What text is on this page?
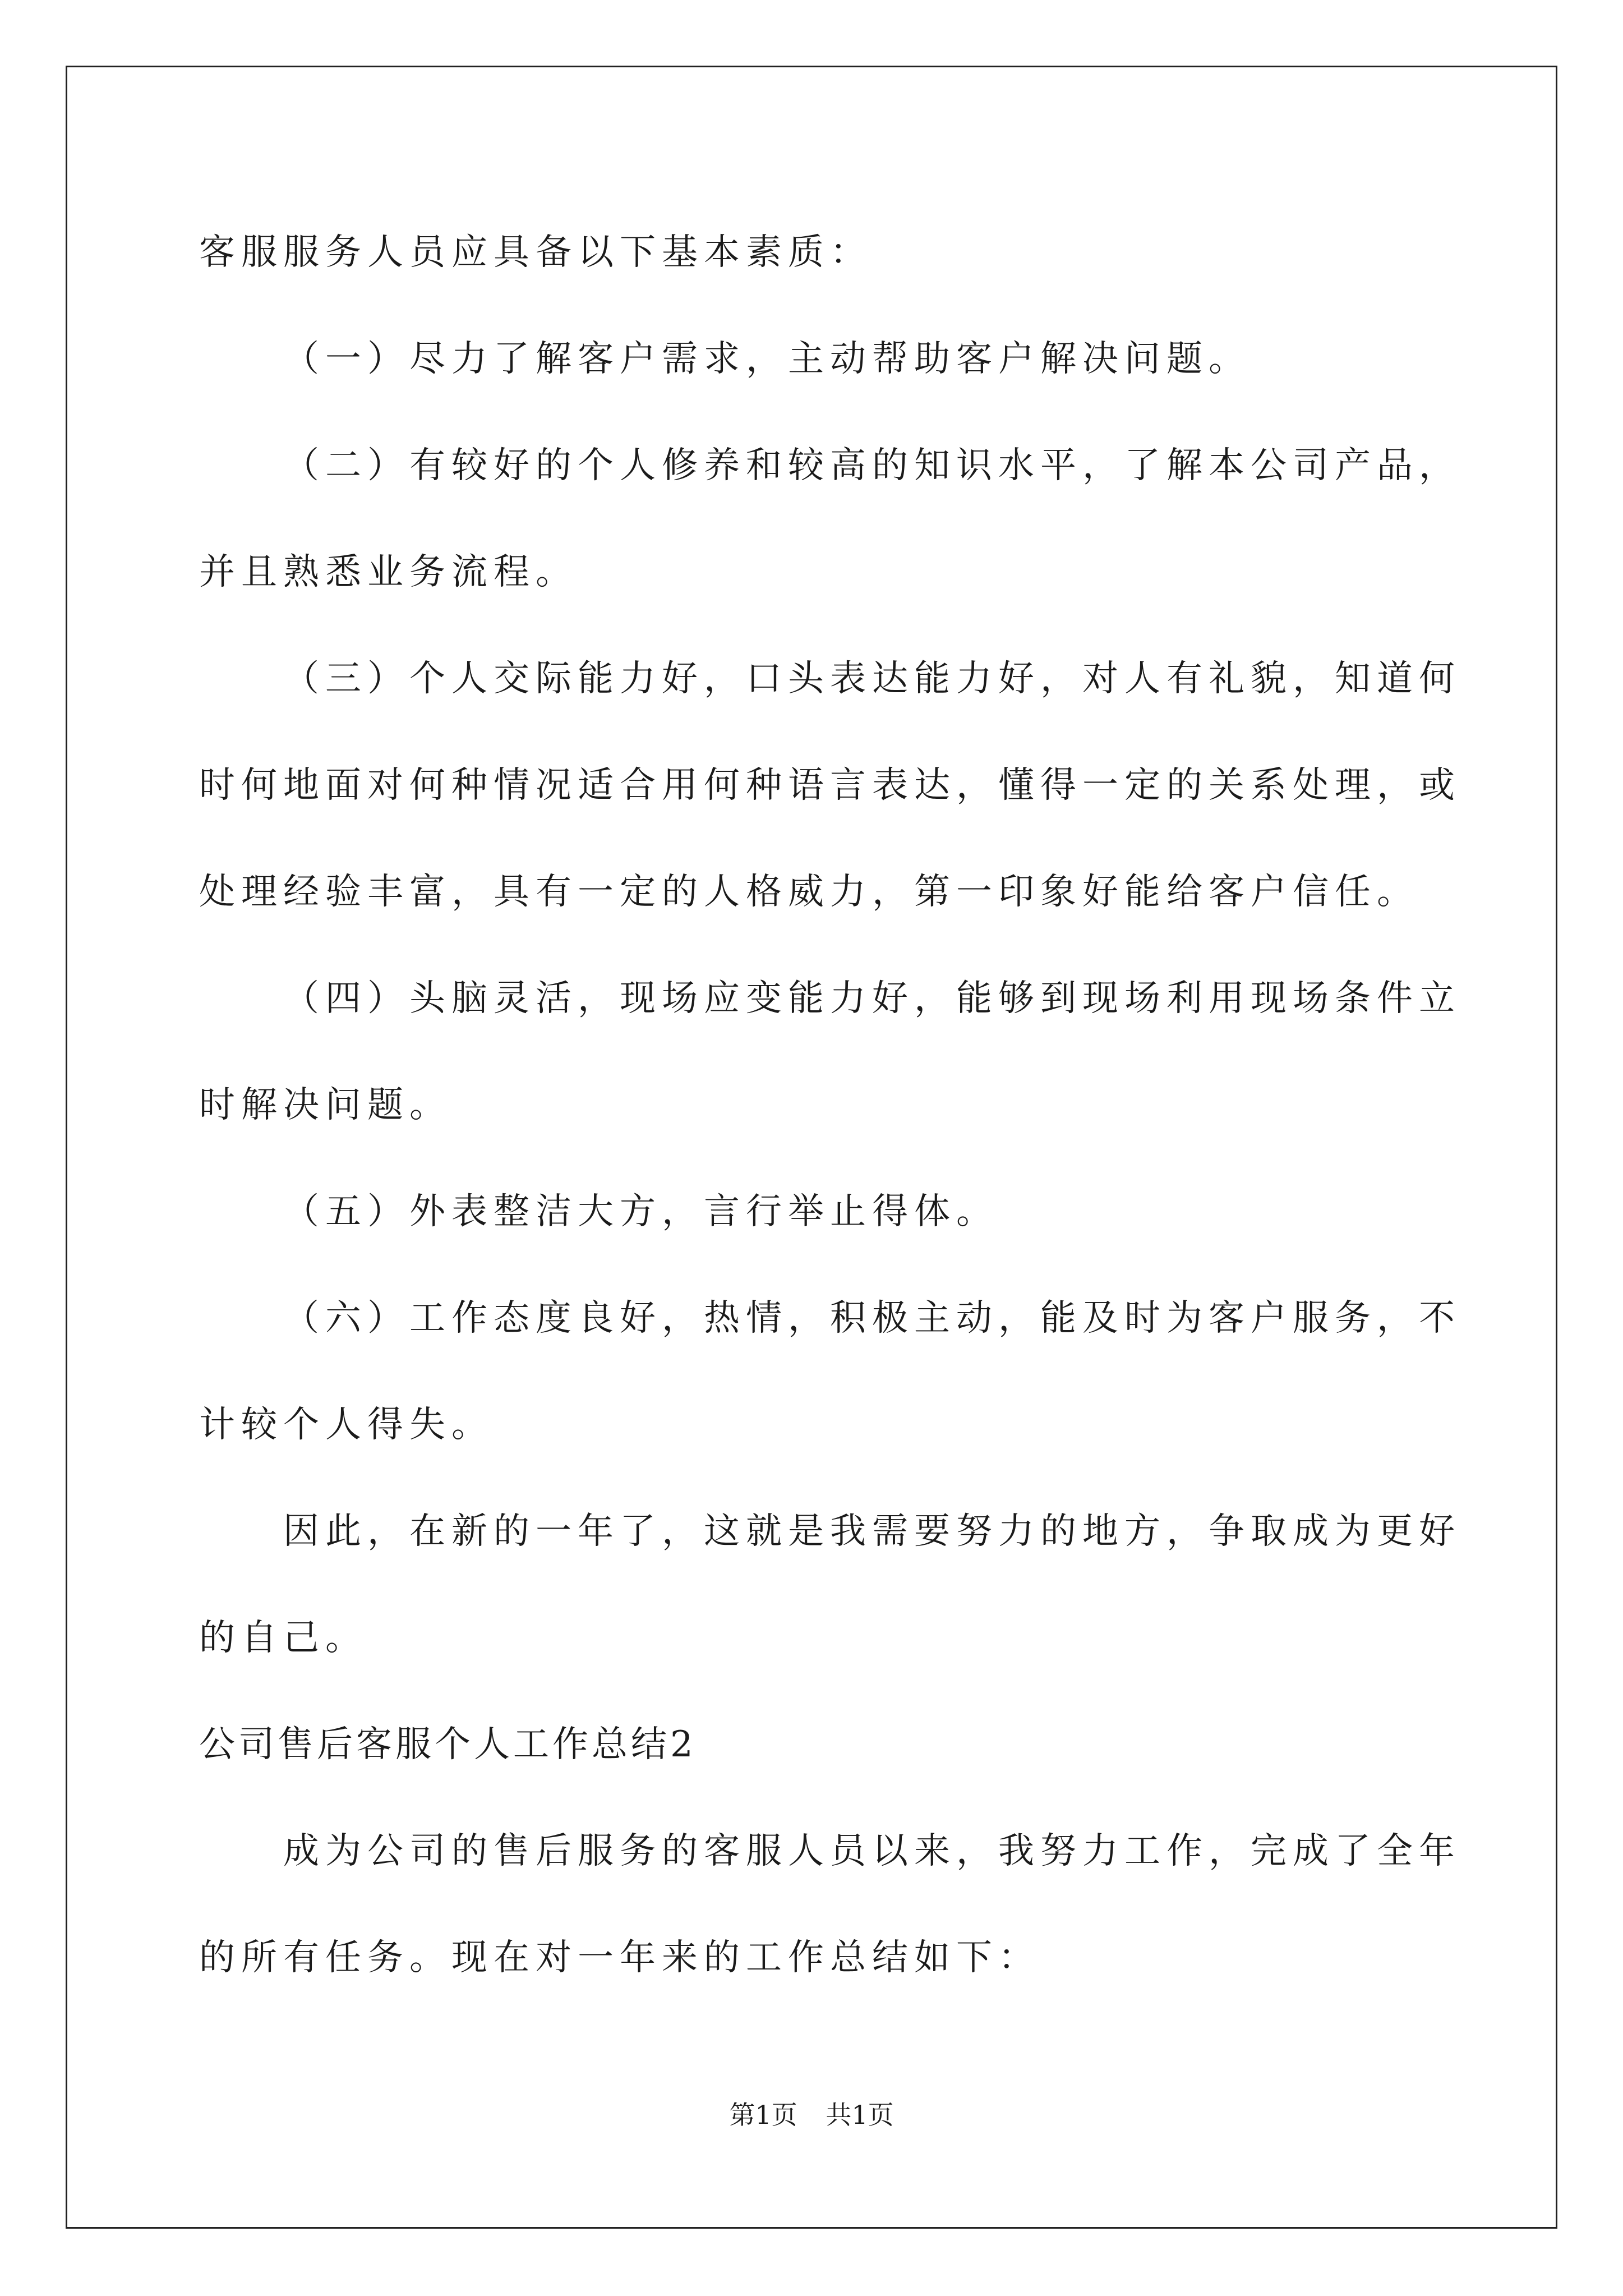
客服服务人员应具备以下基本素质：
（一）尽力了解客户需求，主动帮助客户解决问题。
（二）有较好的个人修养和较高的知识水平，了解本公司产品，
并且熟悉业务流程。
（三）个人交际能力好，口头表达能力好，对人有礼貌，知道何
时何地面对何种情况适合用何种语言表达，懂得一定的关系处理，或
处理经验丰富，具有一定的人格威力，第一印象好能给客户信任。
（四）头脑灵活，现场应变能力好，能够到现场利用现场条件立
时解决问题。
（五）外表整洁大方，言行举止得体。
（六）工作态度良好，热情，积极主动，能及时为客户服务，不
计较个人得失。
因此，在新的一年了，这就是我需要努力的地方，争取成为更好
的自己。
公司售后客服个人工作总结2
成为公司的售后服务的客服人员以来，我努力工作，完成了全年
的所有任务。现在对一年来的工作总结如下：
第1页 共1页
